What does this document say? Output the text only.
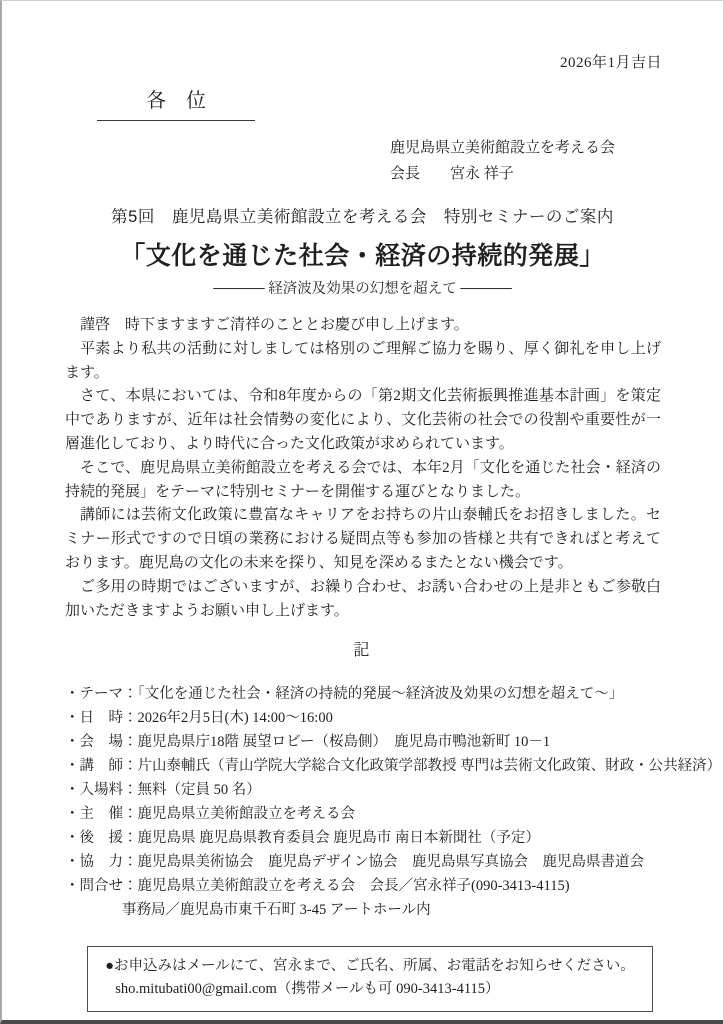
2026年1月吉日
各　位
鹿児島県立美術館設立を考える会
会長　　宮永 祥子
第5回　鹿児島県立美術館設立を考える会　特別セミナーのご案内
「文化を通じた社会・経済の持続的発展」
───── 経済波及効果の幻想を超えて ─────

謹啓　時下ますますご清祥のこととお慶び申し上げます。

平素より私共の活動に対しましては格別のご理解ご協力を賜り、厚く御礼を申し上げます。

さて、本県においては、令和8年度からの「第2期文化芸術振興推進基本計画」を策定中でありますが、近年は社会情勢の変化により、文化芸術の社会での役割や重要性が一層進化しており、より時代に合った文化政策が求められています。

そこで、鹿児島県立美術館設立を考える会では、本年2月「文化を通じた社会・経済の持続的発展」をテーマに特別セミナーを開催する運びとなりました。

講師には芸術文化政策に豊富なキャリアをお持ちの片山泰輔氏をお招きしました。セミナー形式ですので日頃の業務における疑問点等も参加の皆様と共有できればと考えております。鹿児島の文化の未来を探り、知見を深めるまたとない機会です。

敬白
ご多用の時期ではございますが、お繰り合わせ、お誘い合わせの上是非ともご参加いただきますようお願い申し上げます。

記
・テーマ：「文化を通じた社会・経済の持続的発展～経済波及効果の幻想を超えて～」
・日　時：2026年2月5日(木) 14:00～16:00
・会　場：鹿児島県庁18階 展望ロビー（桜島側）　鹿児島市鴨池新町 10－1
・講　師：片山泰輔氏（青山学院大学総合文化政策学部教授 専門は芸術文化政策、財政・公共経済）
・入場料：無料（定員 50 名）
・主　催：鹿児島県立美術館設立を考える会
・後　援：鹿児島県 鹿児島県教育委員会 鹿児島市 南日本新聞社（予定）
・協　力：鹿児島県美術協会　鹿児島デザイン協会　鹿児島県写真協会　鹿児島県書道会
・問合せ：鹿児島県立美術館設立を考える会　会長／宮永祥子(090-3413-4115)
事務局／鹿児島市東千石町 3-45 アートホール内
●お申込みはメールにて、宮永まで、ご氏名、所属、お電話をお知らせください。
sho.mitubati00@gmail.com（携帯メールも可 090-3413-4115）
